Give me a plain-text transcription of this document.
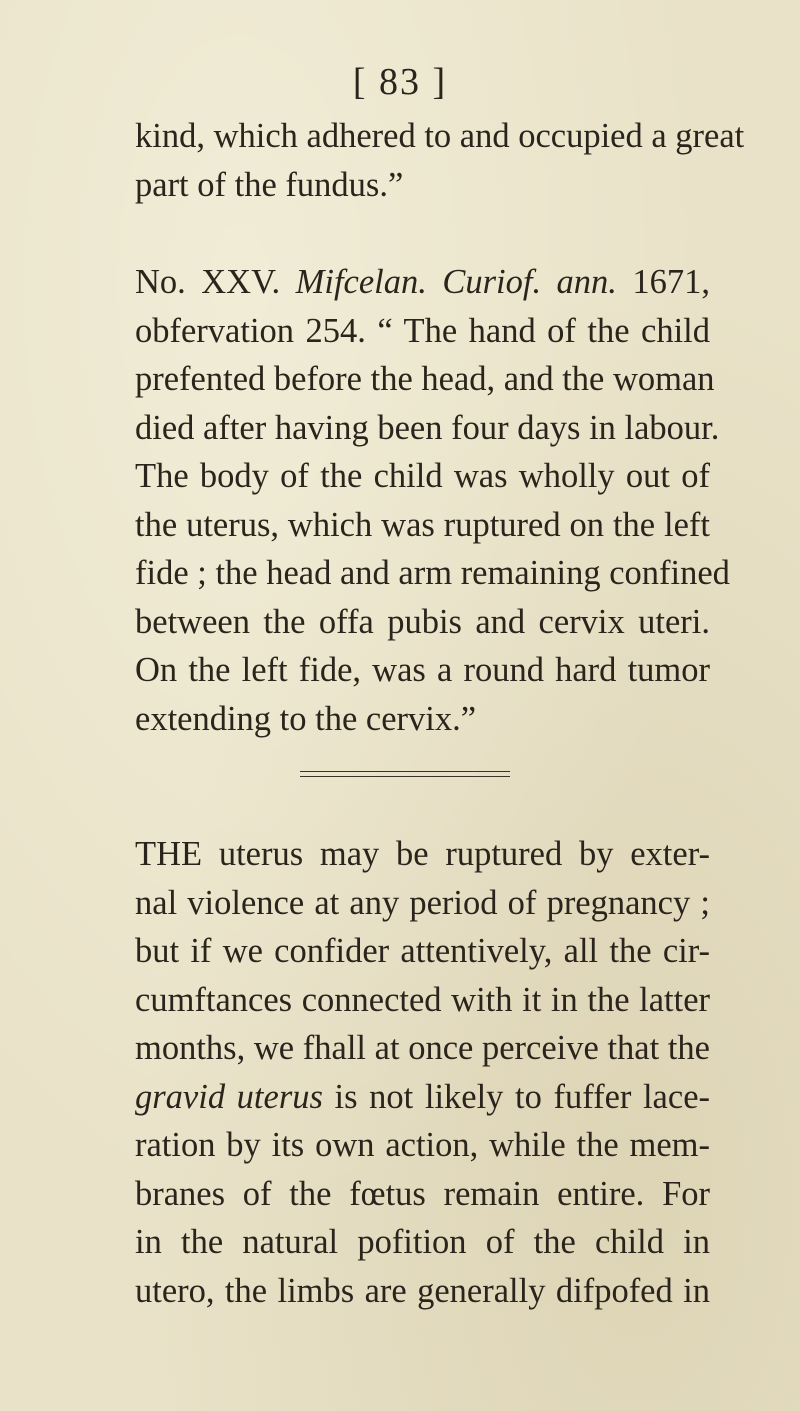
[ 83 ]
kind, which adhered to and occupied a great
part of the fundus.”
No. XXV. Mifcelan. Curiof. ann. 1671,
obfervation 254. “ The hand of the child
prefented before the head, and the woman
died after having been four days in labour.
The body of the child was wholly out of
the uterus, which was ruptured on the left
fide ; the head and arm remaining confined
between the offa pubis and cervix uteri.
On the left fide, was a round hard tumor
extending to the cervix.”
THE uterus may be ruptured by exter-
nal violence at any period of pregnancy ;
but if we confider attentively, all the cir-
cumftances connected with it in the latter
months, we fhall at once perceive that the
gravid uterus is not likely to fuffer lace-
ration by its own action, while the mem-
branes of the fœtus remain entire. For
in the natural pofition of the child in
utero, the limbs are generally difpofed in
